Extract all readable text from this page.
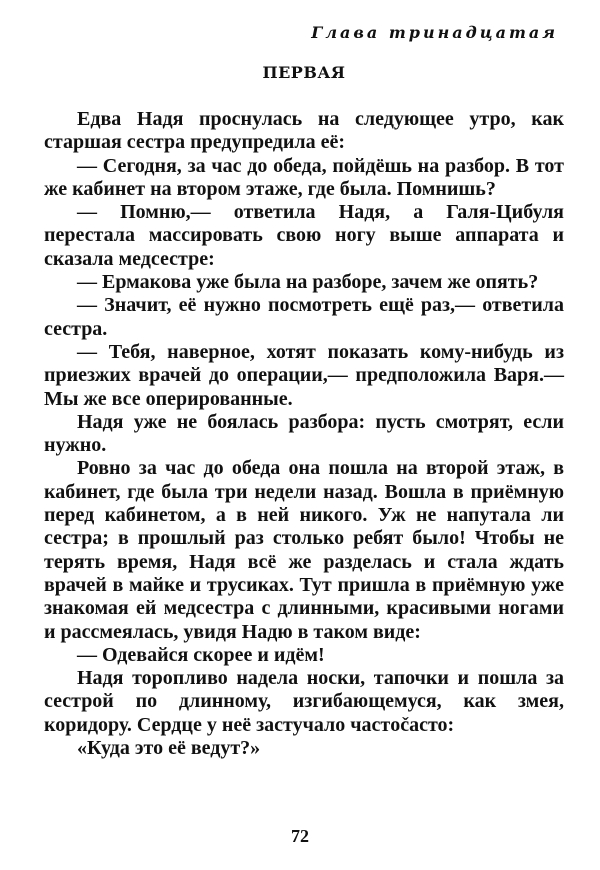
Глава тринадцатая
ПЕРВАЯ

Едва Надя проснулась на следующее утро, как старшая сестра предупредила её:

— Сегодня, за час до обеда, пойдёшь на разбор. В тот же кабинет на втором этаже, где была. Помнишь?

— Помню,— ответила Надя, а Галя-Цибуля перестала массировать свою ногу выше аппарата и сказала медсестре:

— Ермакова уже была на разборе, зачем же опять?

— Значит, её нужно посмотреть ещё раз,— ответила сестра.

— Тебя, наверное, хотят показать кому-нибудь из приезжих врачей до операции,— предположила Варя.— Мы же все оперированные.

Надя уже не боялась разбора: пусть смотрят, если нужно.

Ровно за час до обеда она пошла на второй этаж, в кабинет, где была три недели назад. Вошла в приёмную перед кабинетом, а в ней никого. Уж не напутала ли сестра; в прошлый раз столько ребят было! Чтобы не терять время, Надя всё же разделась и стала ждать врачей в майке и трусиках. Тут пришла в приёмную уже знакомая ей медсестра с длинными, красивыми ногами и рассмеялась, увидя Надю в таком виде:

— Одевайся скорее и идём!

Надя торопливо надела носки, тапочки и пошла за сестрой по длинному, изгибающемуся, как змея, коридору. Сердце у неё застучало частočасто:

«Куда это её ведут?»

72
